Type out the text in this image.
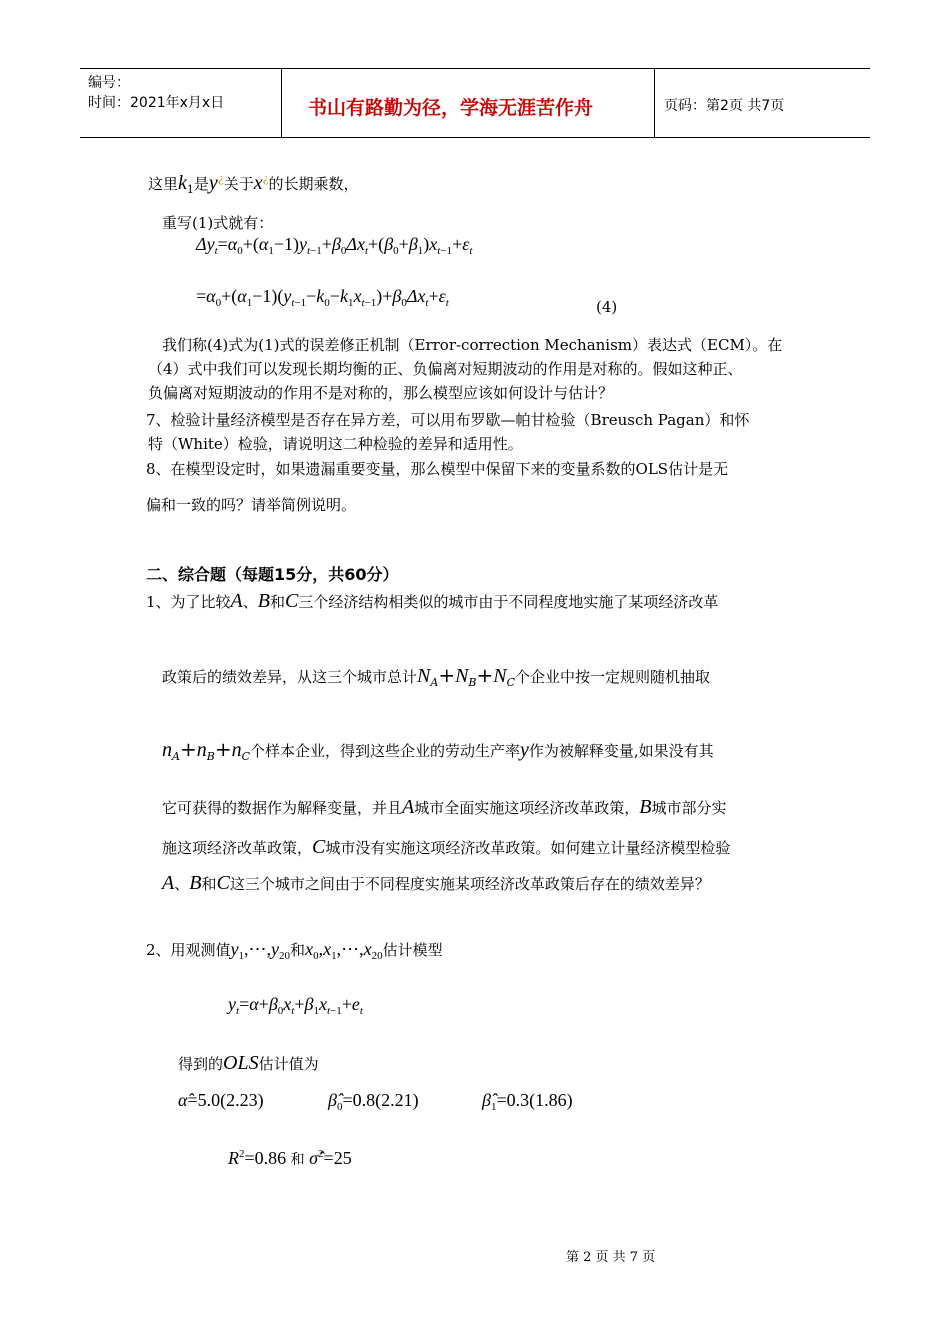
编号：
时间：2021年x月x日	书山有路勤为径，学海无涯苦作舟	页码：第2页 共7页
这里$k_1$是y¿关于x¿的长期乘数，
重写(1)式就有：
$\Delta y_t=\alpha_0+(\alpha_1-1)y_{t-1}+\beta_0\Delta x_t+(\beta_0+\beta_1)x_{t-1}+\varepsilon_t$
$=\alpha_0+(\alpha_1-1)(y_{t-1}-k_0-k_1x_{t-1})+\beta_0\Delta x_t+\varepsilon_t$	(4)
我们称(4)式为(1)式的误差修正机制（Error-correction Mechanism）表达式（ECM）。在
（4）式中我们可以发现长期均衡的正、负偏离对短期波动的作用是对称的。假如这种正、
负偏离对短期波动的作用不是对称的，那么模型应该如何设计与估计？
7、检验计量经济模型是否存在异方差，可以用布罗歇—帕甘检验（Breusch Pagan）和怀
特（White）检验，请说明这二种检验的差异和适用性。
8、在模型设定时，如果遗漏重要变量，那么模型中保留下来的变量系数的OLS估计是无
偏和一致的吗？请举简例说明。
二、综合题（每题15分，共60分）
1、为了比较A、B和C三个经济结构相类似的城市由于不同程度地实施了某项经济改革
政策后的绩效差异，从这三个城市总计$N_A+N_B+N_C$个企业中按一定规则随机抽取
$n_A+n_B+n_C$个样本企业，得到这些企业的劳动生产率y作为被解释变量,如果没有其
它可获得的数据作为解释变量，并且A城市全面实施这项经济改革政策，B城市部分实
施这项经济改革政策，C城市没有实施这项经济改革政策。如何建立计量经济模型检验
A、B和C这三个城市之间由于不同程度实施某项经济改革政策后存在的绩效差异？
2、用观测值$y_1,\cdots,y_{20}$和$x_0,x_1,\cdots,x_{20}$估计模型
$y_t=\alpha+\beta_0x_t+\beta_1x_{t-1}+e_t$
得到的OLS估计值为
α̂=5.0(2.23)	$\betâ_0=0.8(2.21)$	$\betâ_1=0.3(1.86)$
$R^2=0.86$ 和 σ̂$^2$=25
第 2 页 共 7 页
